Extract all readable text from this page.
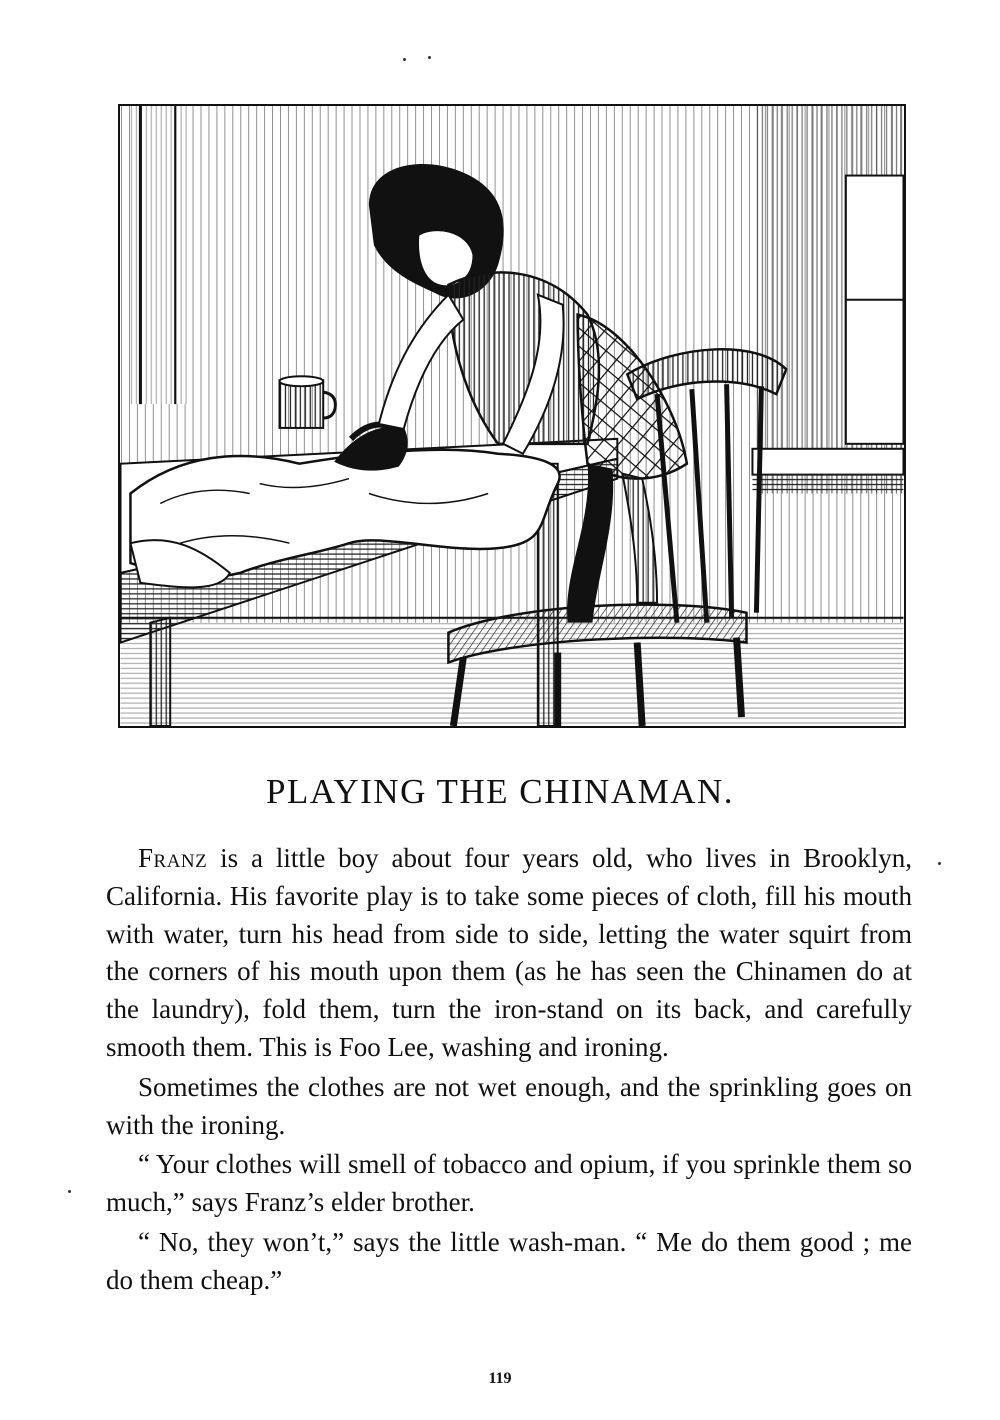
PLAYING THE CHINAMAN.

Franz is a little boy about four years old, who lives in Brooklyn, California. His favorite play is to take some pieces of cloth, fill his mouth with water, turn his head from side to side, letting the water squirt from the corners of his mouth upon them (as he has seen the Chinamen do at the laundry), fold them, turn the iron-stand on its back, and carefully smooth them. This is Foo Lee, washing and ironing.

Sometimes the clothes are not wet enough, and the sprinkling goes on with the ironing.

“ Your clothes will smell of tobacco and opium, if you sprinkle them so much,” says Franz’s elder brother.

“ No, they won’t,” says the little wash-man. “ Me do them good ; me do them cheap.”

119
